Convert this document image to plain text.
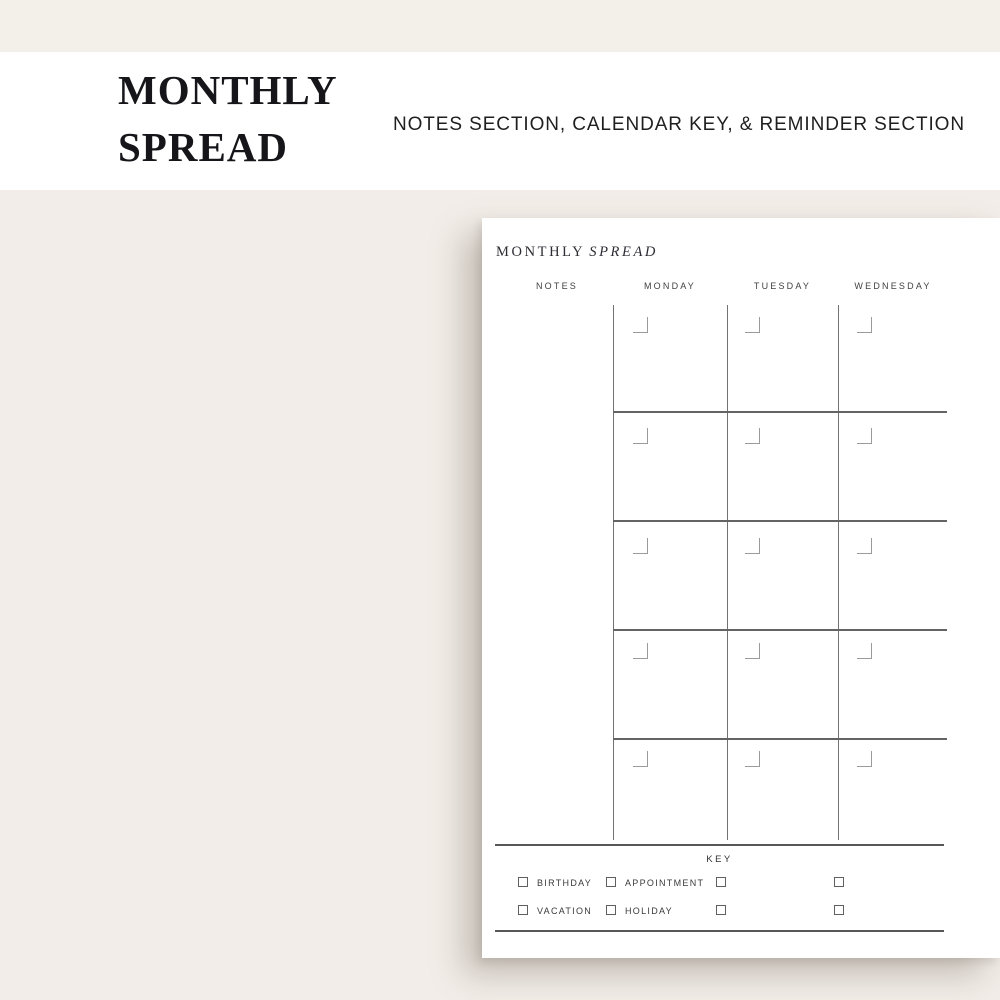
MONTHLY
SPREAD	NOTES SECTION, CALENDAR KEY, & REMINDER SECTION
MONTHLY SPREAD
NOTES	MONDAY	TUESDAY	WEDNESDAY
KEY
BIRTHDAY	APPOINTMENT
VACATION	HOLIDAY
